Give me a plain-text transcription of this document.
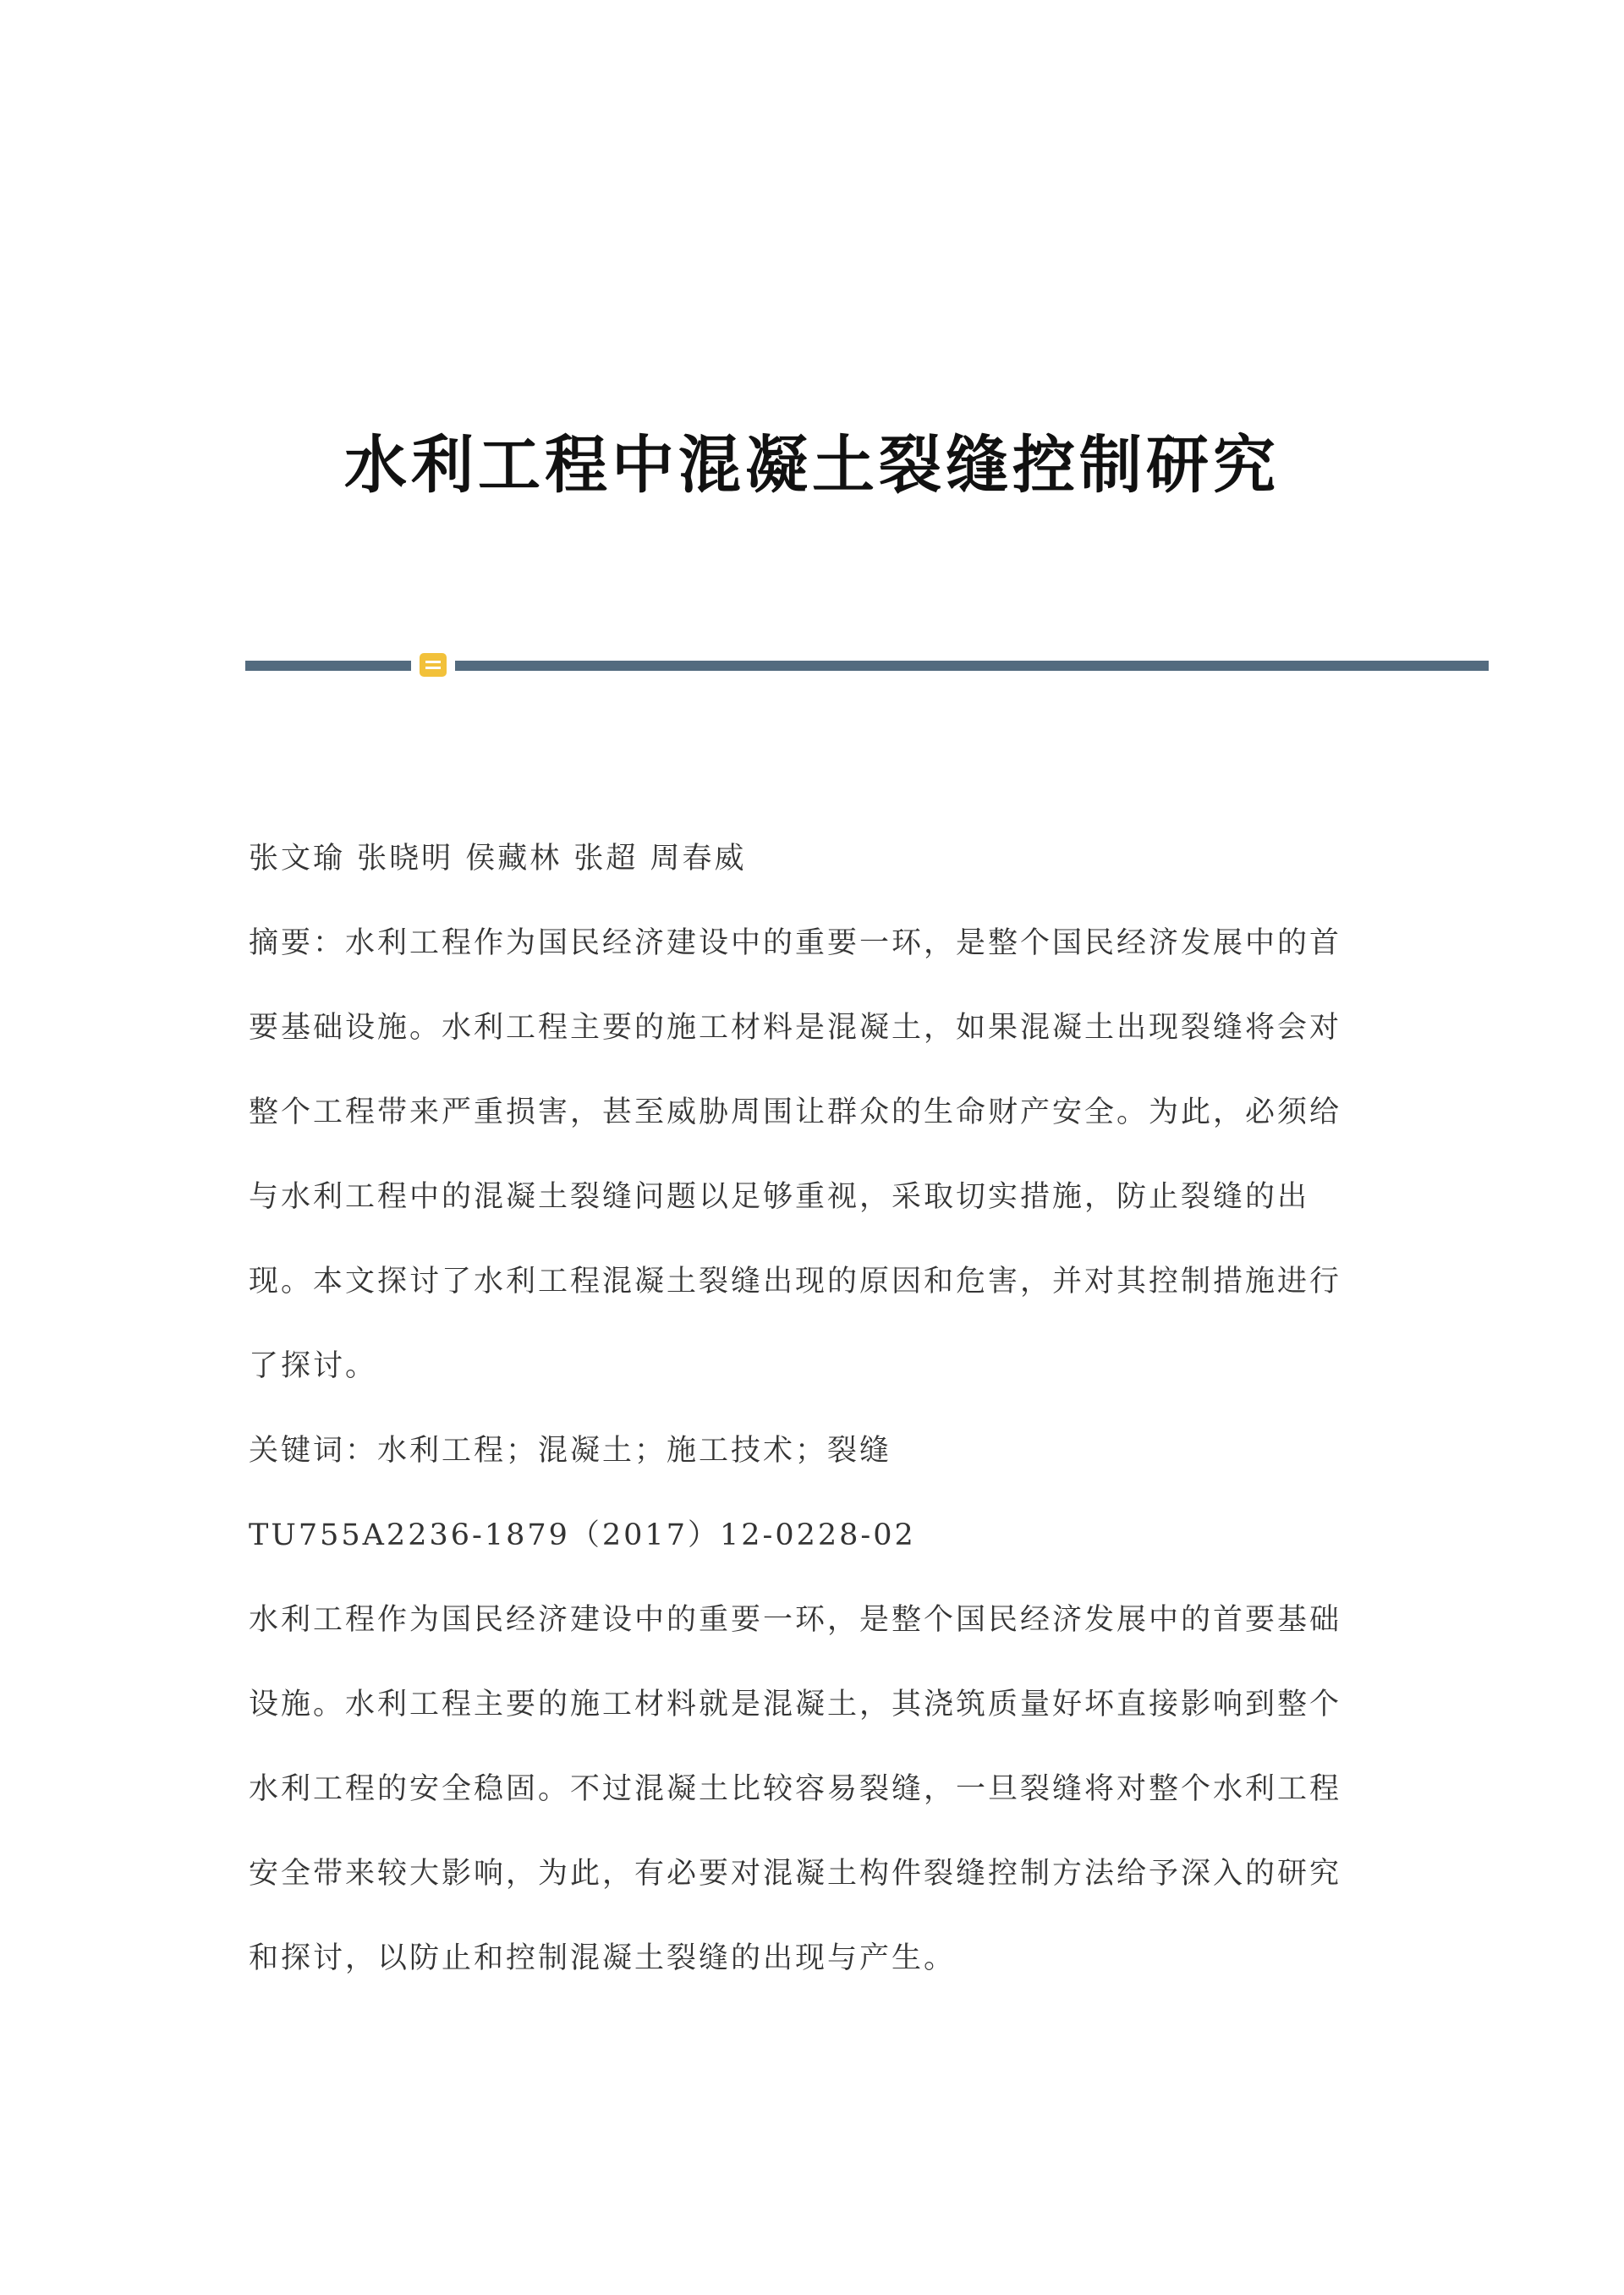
水利工程中混凝土裂缝控制研究

张文瑜 张晓明 侯藏林 张超 周春威

摘要：水利工程作为国民经济建设中的重要一环，是整个国民经济发展中的首要基础设施。水利工程主要的施工材料是混凝土，如果混凝土出现裂缝将会对整个工程带来严重损害，甚至威胁周围让群众的生命财产安全。为此，必须给与水利工程中的混凝土裂缝问题以足够重视，采取切实措施，防止裂缝的出现。本文探讨了水利工程混凝土裂缝出现的原因和危害，并对其控制措施进行了探讨。

关键词：水利工程；混凝土；施工技术；裂缝

TU755A2236-1879（2017）12-0228-02

水利工程作为国民经济建设中的重要一环，是整个国民经济发展中的首要基础设施。水利工程主要的施工材料就是混凝土，其浇筑质量好坏直接影响到整个水利工程的安全稳固。不过混凝土比较容易裂缝，一旦裂缝将对整个水利工程安全带来较大影响，为此，有必要对混凝土构件裂缝控制方法给予深入的研究和探讨，以防止和控制混凝土裂缝的出现与产生。
